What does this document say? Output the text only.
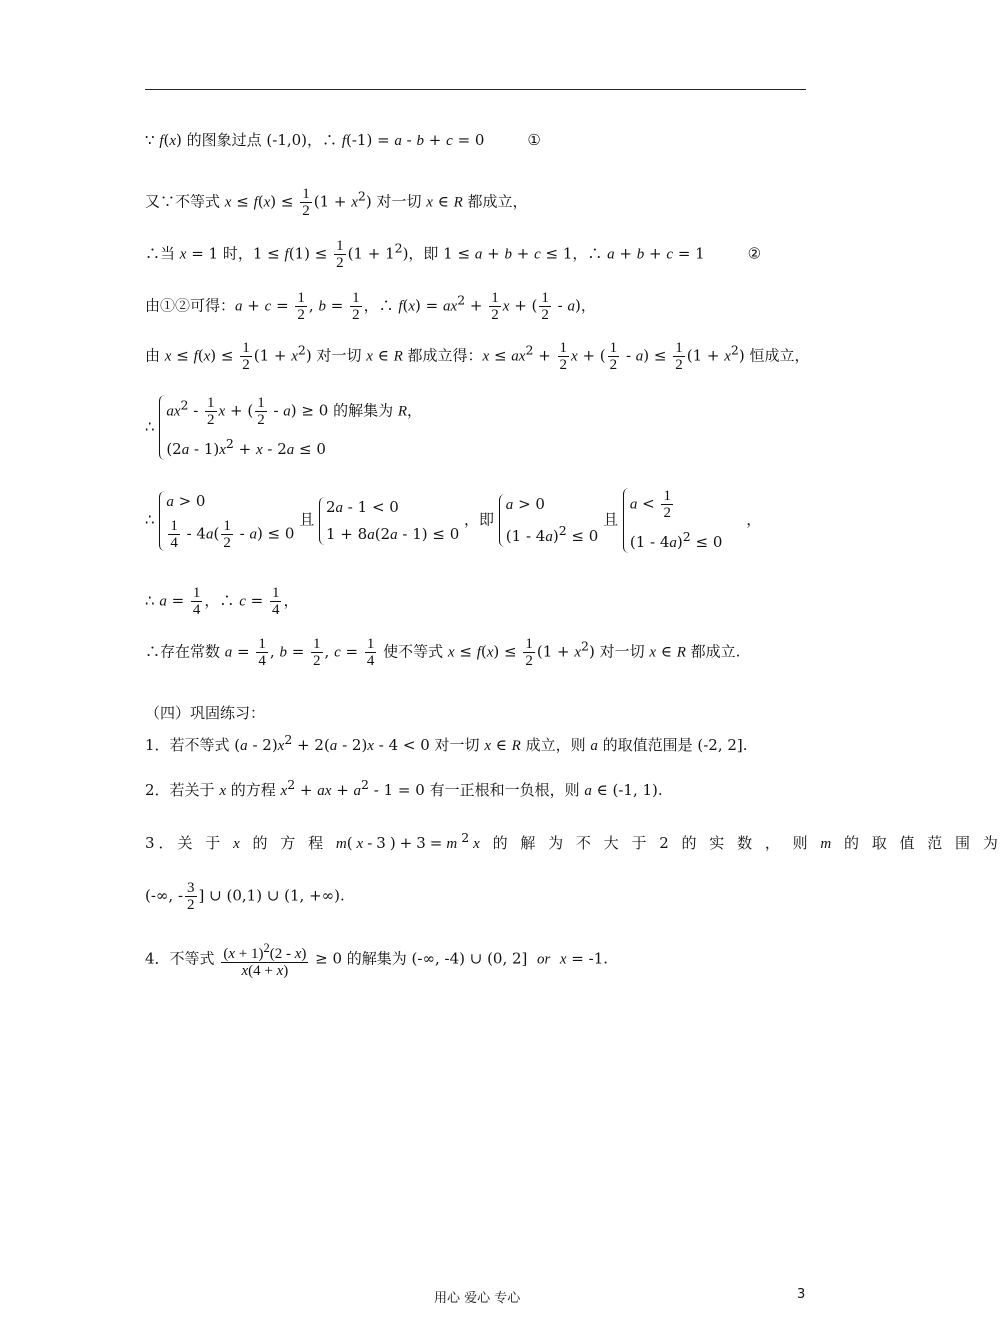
∵ f(x) 的图象过点 (‑1,0)，∴ f(‑1) = a ‑ b + c = 0         ①
又∵不等式 $x \le f(x) \le \frac{1}{2} (1 + x^2)$ 对一切 x ∈ R 都成立，
∴当 x = 1 时，$1 \le f(1) \le \frac{1}{2} (1 + 1^2)$，即 1 ≤ a + b + c ≤ 1，∴ a + b + c = 1         ②
由①②可得：$a + c = \frac{1}{2}$ , $b = \frac{1}{2}$ ，∴ $f(x) = ax^2 + \frac{1}{2}$ x + ( $\frac{1}{2}$ ‑ a)，
由 $x \le f(x) \le \frac{1}{2} (1 + x^2)$ 对一切 x ∈ R 都成立得：$x \le ax^2 + \frac{1}{2}$ x + ( $\frac{1}{2}$ ‑ $a) \le \frac{1}{2} (1 + x^2)$ 恒成立，
∴
$ax^2$ ‑ $\frac{1}{2}$ x + ( $\frac{1}{2}$ ‑ a) ≥ 0 的解集为 R，
(2a ‑ $1)x^2 + x$ ‑ 2a ≤ 0
∴
a > 0
$\frac{1}{4}$ ‑ $4a( \frac{1}{2}$ ‑ a) ≤ 0
且
2a ‑ 1 < 0
1 + 8a(2a ‑ 1) ≤ 0
，即
a > 0
(1 ‑ 4a)$^2$ ≤ 0
且
$a < \frac{1}{2}$
(1 ‑ 4a)$^2$ ≤ 0
，
∴ $a = \frac{1}{4}$ ，∴ $c = \frac{1}{4}$ ，
∴存在常数 $a = \frac{1}{4}$ , $b = \frac{1}{2}$ , $c = \frac{1}{4}$ 使不等式 $x \le f(x) \le \frac{1}{2} (1 + x^2)$ 对一切 x ∈ R 都成立.
（四）巩固练习：
1．若不等式 (a ‑ $2)x^2 + 2(a$ ‑ 2)x ‑ 4 < 0 对一切 x ∈ R 成立，则 a 的取值范围是 (‑2, 2].
2．若关于 x 的方程 $x^2$ + ax + $a^2$ ‑ 1 = 0 有一正根和一负根，则 a ∈ (‑1, 1).
3．关 于 x 的 方 程 $m(x‑3)+3=m^2x$ 的 解 为 不 大 于 2 的 实 数 ， 则 m 的 取 值 范 围 为
(‑∞, ‑ $\frac{3}{2}$ ] ∪ (0,1) ∪ (1, +∞).
4．不等式 $\frac{(x + 1)^2(2 ‑ x)}{x(4 + x)} \ge 0$ 的解集为 (‑∞, ‑4) ∪ (0, 2]  or x = ‑1.
用心 爱心 专心	3
